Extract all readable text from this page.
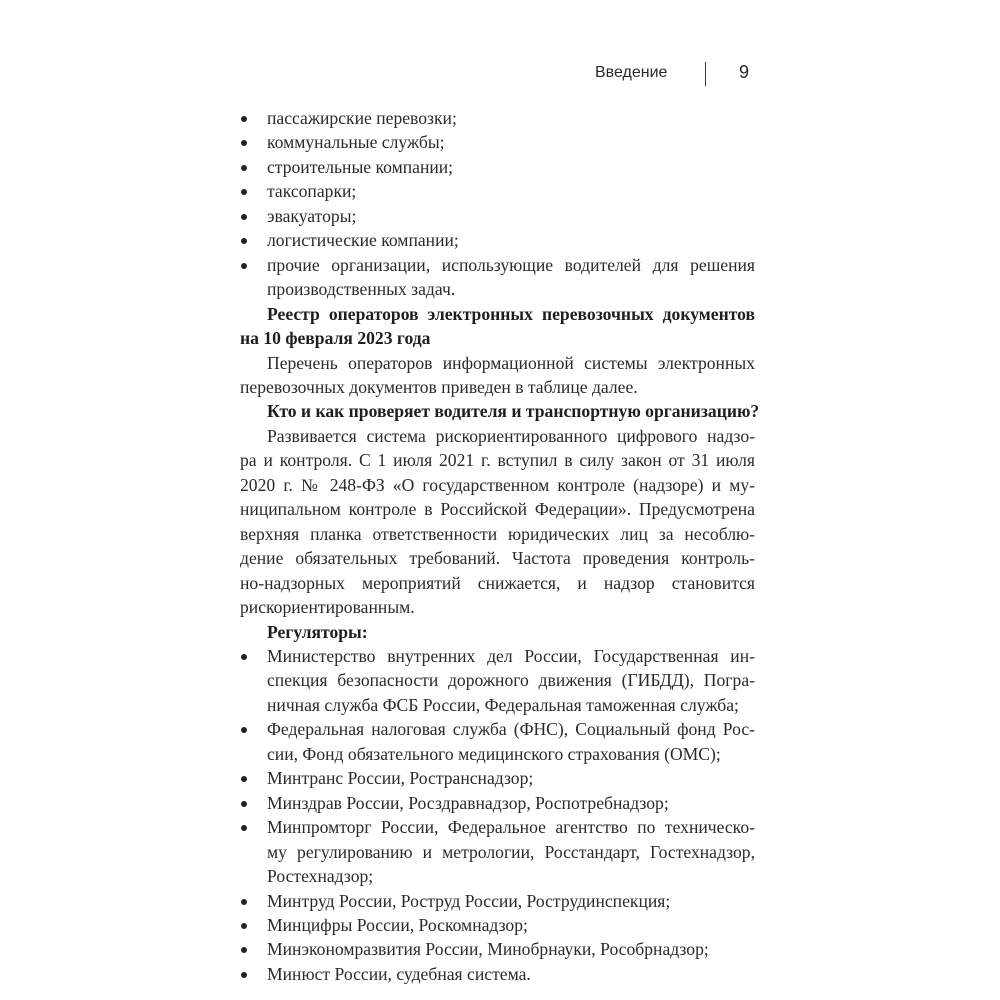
Введение	9
пассажирские перевозки;
коммунальные службы;
строительные компании;
таксопарки;
эвакуаторы;
логистические компании;
прочие организации, использующие водителей для решения
производственных задач.
Реестр операторов электронных перевозочных документов
на 10 февраля 2023 года
Перечень операторов информационной системы электронных
перевозочных документов приведен в таблице далее.
Кто и как проверяет водителя и транспортную организацию?
Развивается система рискориентированного цифрового надзо-
ра и контроля. С 1 июля 2021 г. вступил в силу закон от 31 июля
2020 г. № 248-ФЗ «О государственном контроле (надзоре) и му-
ниципальном контроле в Российской Федерации». Предусмотрена
верхняя планка ответственности юридических лиц за несоблю-
дение обязательных требований. Частота проведения контроль-
но-надзорных мероприятий снижается, и надзор становится
рискориентированным.
Регуляторы:
Министерство внутренних дел России, Государственная ин-
спекция безопасности дорожного движения (ГИБДД), Погра-
ничная служба ФСБ России, Федеральная таможенная служба;
Федеральная налоговая служба (ФНС), Социальный фонд Рос-
сии, Фонд обязательного медицинского страхования (ОМС);
Минтранс России, Ространснадзор;
Минздрав России, Росздравнадзор, Роспотребнадзор;
Минпромторг России, Федеральное агентство по техническо-
му регулированию и метрологии, Росстандарт, Гостехнадзор,
Ростехнадзор;
Минтруд России, Роструд России, Рострудинспекция;
Минцифры России, Роскомнадзор;
Минэкономразвития России, Минобрнауки, Рособрнадзор;
Минюст России, судебная система.
